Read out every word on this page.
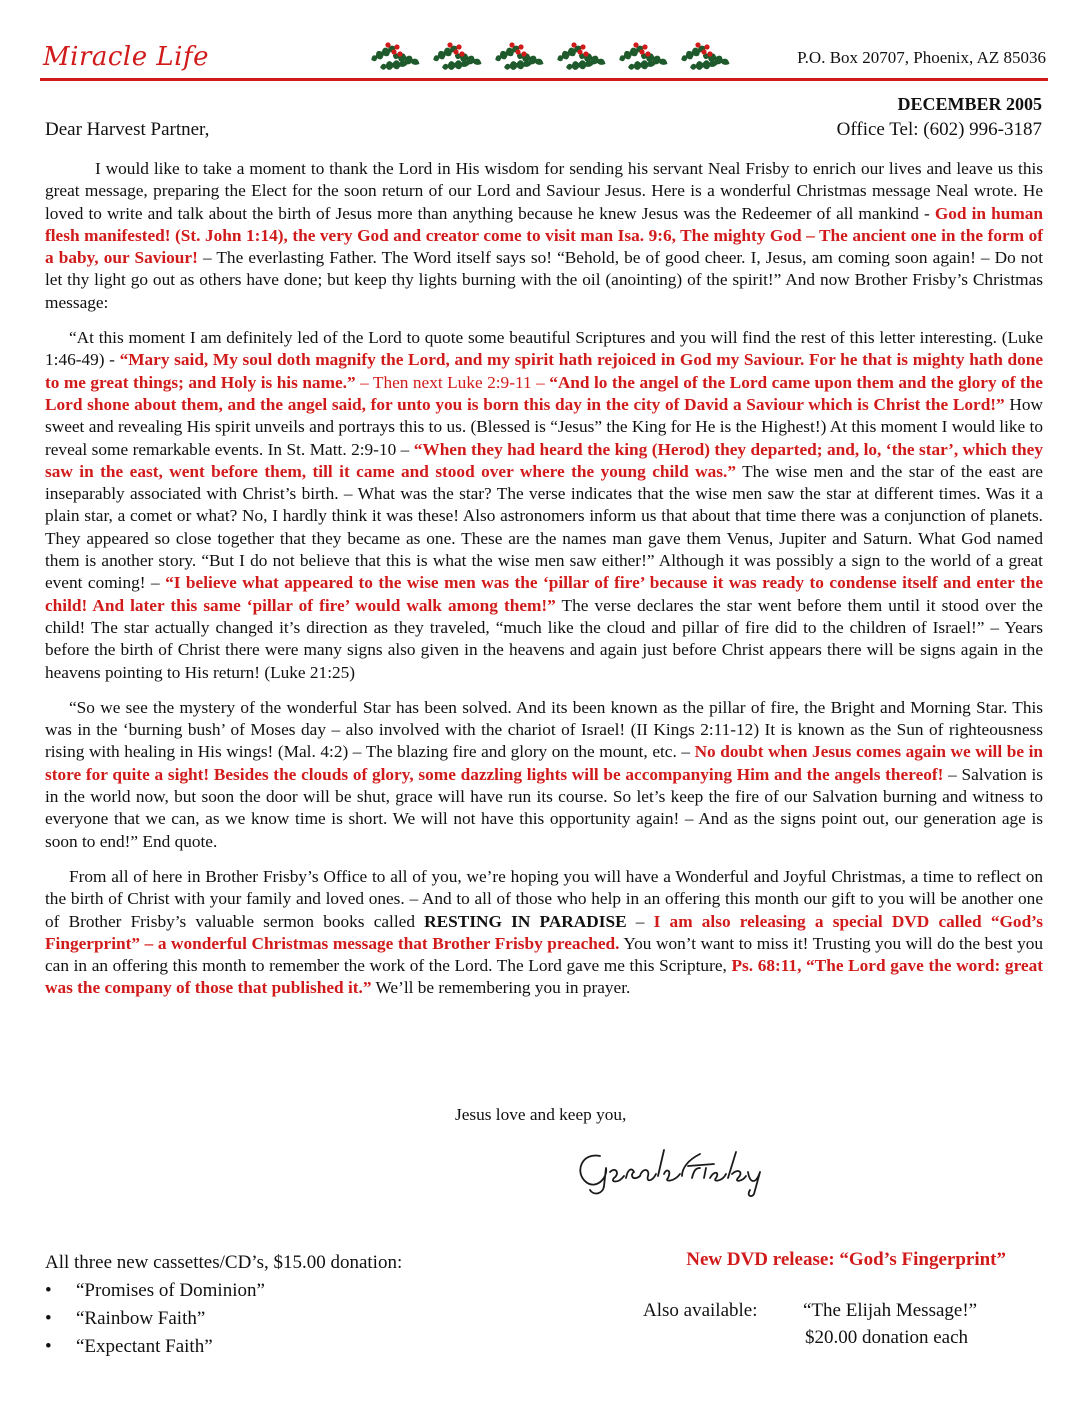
Miracle Life	P.O. Box 20707, Phoenix, AZ 85036
DECEMBER 2005
Dear Harvest Partner,	Office Tel: (602) 996-3187

I would like to take a moment to thank the Lord in His wisdom for sending his servant Neal Frisby to enrich our lives and leave us this great message, preparing the Elect for the soon return of our Lord and Saviour Jesus. Here is a wonderful Christmas message Neal wrote. He loved to write and talk about the birth of Jesus more than anything because he knew Jesus was the Redeemer of all mankind - God in human flesh manifested! (St. John 1:14), the very God and creator come to visit man Isa. 9:6, The mighty God – The ancient one in the form of a baby, our Saviour! – The everlasting Father. The Word itself says so! “Behold, be of good cheer. I, Jesus, am coming soon again! – Do not let thy light go out as others have done; but keep thy lights burning with the oil (anointing) of the spirit!” And now Brother Frisby’s Christmas message:

“At this moment I am definitely led of the Lord to quote some beautiful Scriptures and you will find the rest of this letter interesting. (Luke 1:46-49) - “Mary said, My soul doth magnify the Lord, and my spirit hath rejoiced in God my Saviour. For he that is mighty hath done to me great things; and Holy is his name.” – Then next Luke 2:9-11 – “And lo the angel of the Lord came upon them and the glory of the Lord shone about them, and the angel said, for unto you is born this day in the city of David a Saviour which is Christ the Lord!” How sweet and revealing His spirit unveils and portrays this to us. (Blessed is “Jesus” the King for He is the Highest!) At this moment I would like to reveal some remarkable events. In St. Matt. 2:9-10 – “When they had heard the king (Herod) they departed; and, lo, ‘the star’, which they saw in the east, went before them, till it came and stood over where the young child was.” The wise men and the star of the east are inseparably associated with Christ’s birth. – What was the star? The verse indicates that the wise men saw the star at different times. Was it a plain star, a comet or what? No, I hardly think it was these! Also astronomers inform us that about that time there was a conjunction of planets. They appeared so close together that they became as one. These are the names man gave them Venus, Jupiter and Saturn. What God named them is another story. “But I do not believe that this is what the wise men saw either!” Although it was possibly a sign to the world of a great event coming! – “I believe what appeared to the wise men was the ‘pillar of fire’ because it was ready to condense itself and enter the child! And later this same ‘pillar of fire’ would walk among them!” The verse declares the star went before them until it stood over the child! The star actually changed it’s direction as they traveled, “much like the cloud and pillar of fire did to the children of Israel!” – Years before the birth of Christ there were many signs also given in the heavens and again just before Christ appears there will be signs again in the heavens pointing to His return! (Luke 21:25)

“So we see the mystery of the wonderful Star has been solved. And its been known as the pillar of fire, the Bright and Morning Star. This was in the ‘burning bush’ of Moses day – also involved with the chariot of Israel! (II Kings 2:11-12) It is known as the Sun of righteousness rising with healing in His wings! (Mal. 4:2) – The blazing fire and glory on the mount, etc. – No doubt when Jesus comes again we will be in store for quite a sight! Besides the clouds of glory, some dazzling lights will be accompanying Him and the angels thereof! – Salvation is in the world now, but soon the door will be shut, grace will have run its course. So let’s keep the fire of our Salvation burning and witness to everyone that we can, as we know time is short. We will not have this opportunity again! – And as the signs point out, our generation age is soon to end!” End quote.

From all of here in Brother Frisby’s Office to all of you, we’re hoping you will have a Wonderful and Joyful Christmas, a time to reflect on the birth of Christ with your family and loved ones. – And to all of those who help in an offering this month our gift to you will be another one of Brother Frisby’s valuable sermon books called RESTING IN PARADISE – I am also releasing a special DVD called “God’s Fingerprint” – a wonderful Christmas message that Brother Frisby preached. You won’t want to miss it! Trusting you will do the best you can in an offering this month to remember the work of the Lord. The Lord gave me this Scripture, Ps. 68:11, “The Lord gave the word: great was the company of those that published it.” We’ll be remembering you in prayer.

Jesus love and keep you,
All three new cassettes/CD’s, $15.00 donation:
• “Promises of Dominion”
• “Rainbow Faith”
• “Expectant Faith”
New DVD release: “God’s Fingerprint”
Also available: “The Elijah Message!”
$20.00 donation each
